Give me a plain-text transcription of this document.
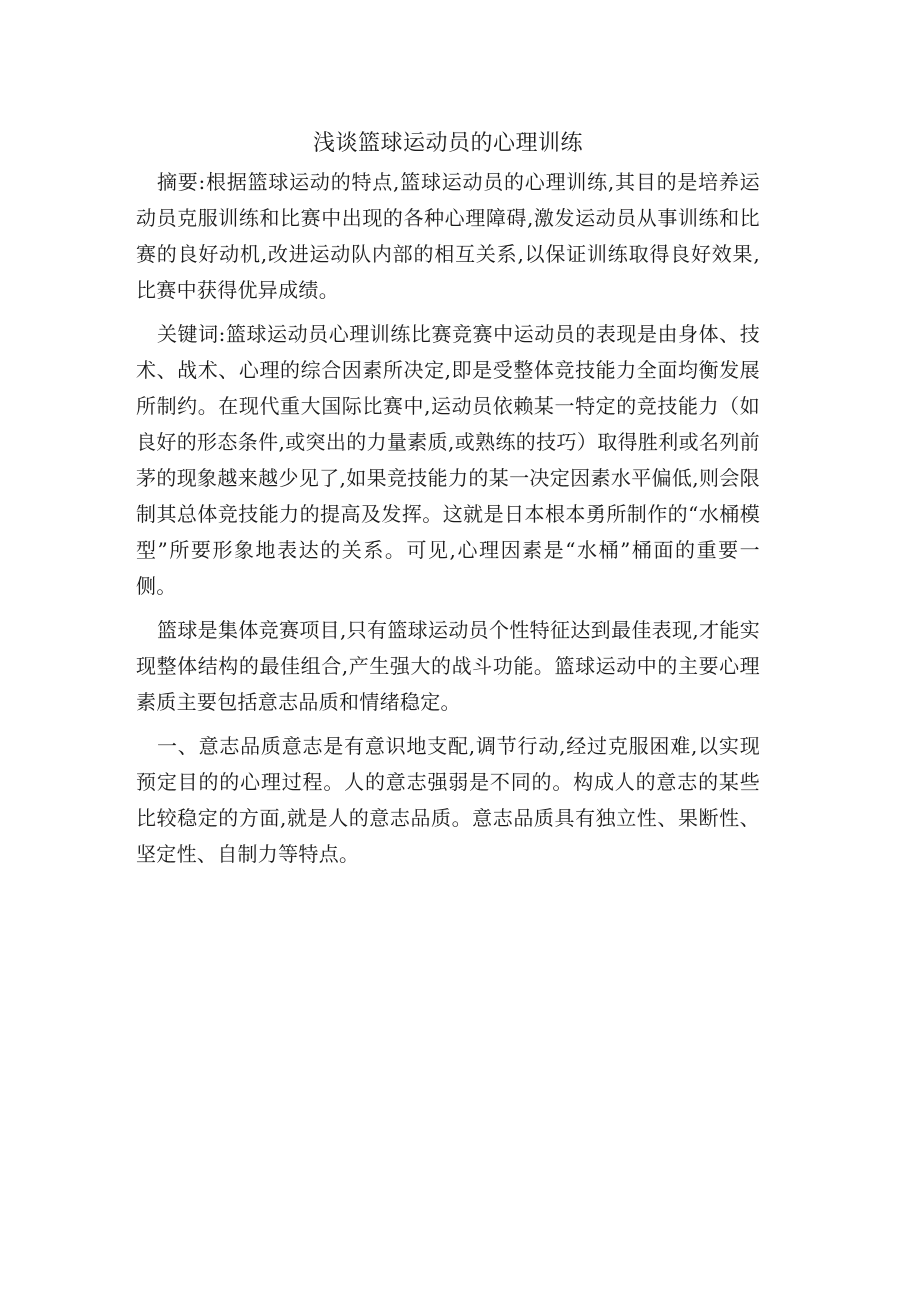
浅谈篮球运动员的心理训练

摘要:根据篮球运动的特点,篮球运动员的心理训练,其目的是培养运动员克服训练和比赛中出现的各种心理障碍,激发运动员从事训练和比赛的良好动机,改进运动队内部的相互关系,以保证训练取得良好效果,比赛中获得优异成绩。

关键词:篮球运动员心理训练比赛竞赛中运动员的表现是由身体、技术、战术、心理的综合因素所决定,即是受整体竞技能力全面均衡发展所制约。在现代重大国际比赛中,运动员依赖某一特定的竞技能力（如良好的形态条件,或突出的力量素质,或熟练的技巧）取得胜利或名列前茅的现象越来越少见了,如果竞技能力的某一决定因素水平偏低,则会限制其总体竞技能力的提高及发挥。这就是日本根本勇所制作的“水桶模型”所要形象地表达的关系。可见,心理因素是“水桶”桶面的重要一侧。

篮球是集体竞赛项目,只有篮球运动员个性特征达到最佳表现,才能实现整体结构的最佳组合,产生强大的战斗功能。篮球运动中的主要心理素质主要包括意志品质和情绪稳定。

一、意志品质意志是有意识地支配,调节行动,经过克服困难,以实现预定目的的心理过程。人的意志强弱是不同的。构成人的意志的某些比较稳定的方面,就是人的意志品质。意志品质具有独立性、果断性、坚定性、自制力等特点。
